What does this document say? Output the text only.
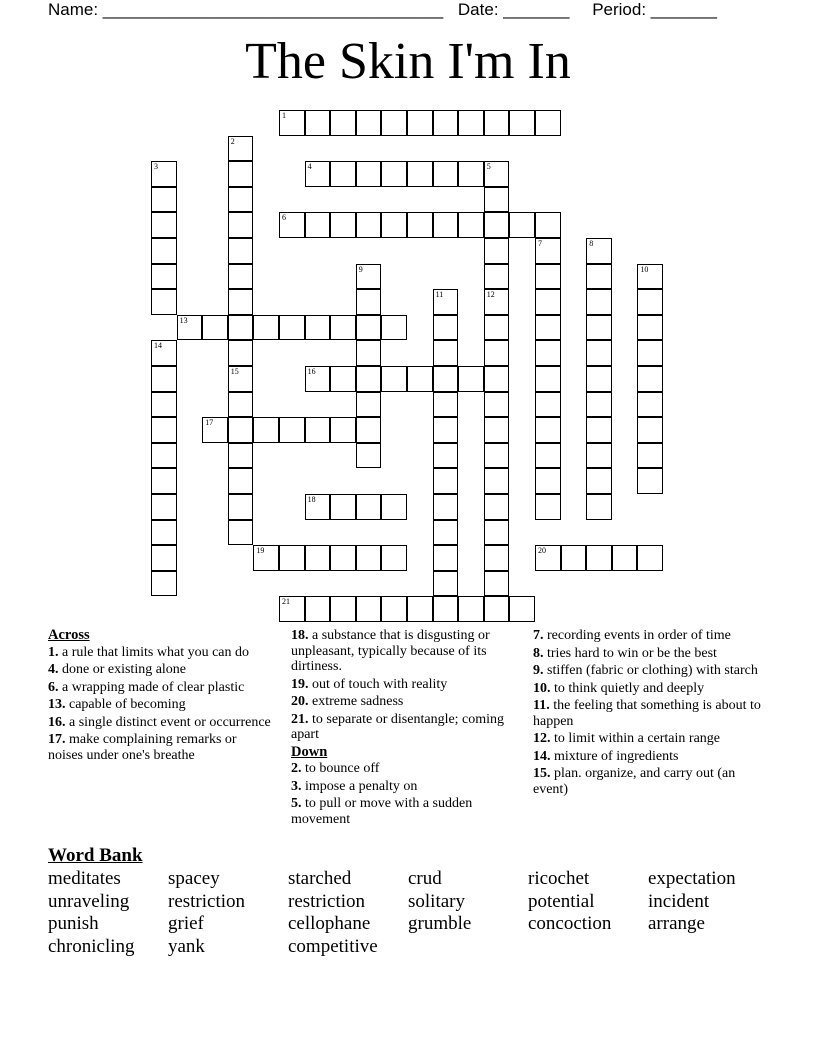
Name: ____________________________________ Date: _______ Period: _______
The Skin I'm In
1
2
3	4	5
6
7	8
9	10
11	12
13
14
15	16
17
18
19	20
21
Across
1. a rule that limits what you can do
4. done or existing alone
6. a wrapping made of clear plastic
13. capable of becoming
16. a single distinct event or occurrence
17. make complaining remarks or noises under one's breathe
18. a substance that is disgusting or unpleasant, typically because of its dirtiness.
19. out of touch with reality
20. extreme sadness
21. to separate or disentangle; coming apart
Down
2. to bounce off
3. impose a penalty on
5. to pull or move with a sudden movement
7. recording events in order of time
8. tries hard to win or be the best
9. stiffen (fabric or clothing) with starch
10. to think quietly and deeply
11. the feeling that something is about to happen
12. to limit within a certain range
14. mixture of ingredients
15. plan. organize, and carry out (an event)
Word Bank
meditates spacey	starched	crud	ricochet	expectation
unraveling restriction restriction solitary	potential	incident
punish	grief	cellophane grumble	concoction arrange
chronicling yank	competitive
